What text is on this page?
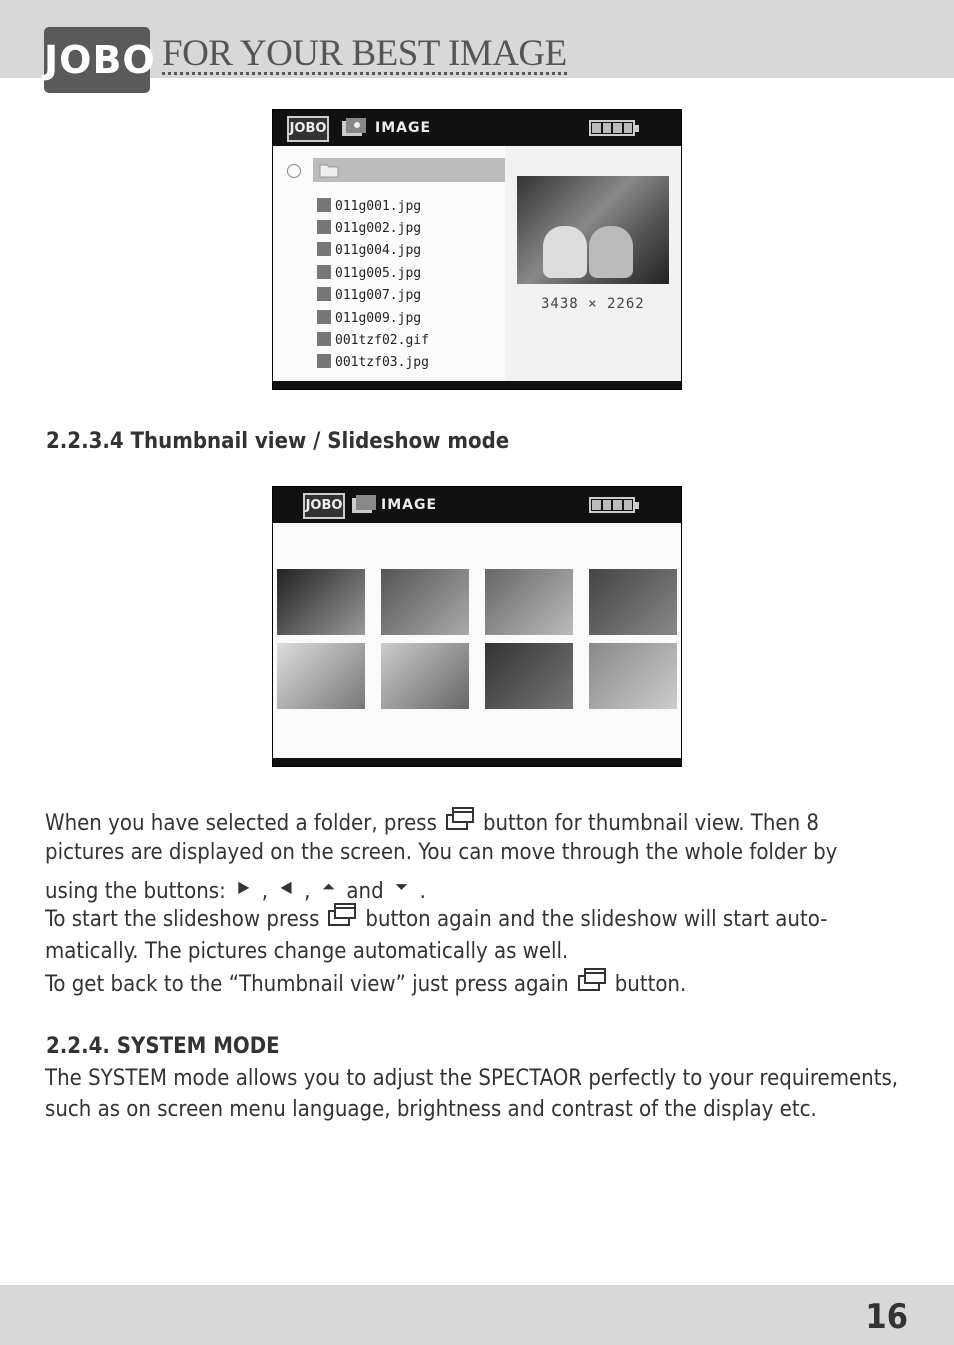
JOBO FOR YOUR BEST IMAGE
JOBO	IMAGE
011g001.jpg
011g002.jpg
011g004.jpg
011g005.jpg
011g007.jpg
011g009.jpg
001tzf02.gif
001tzf03.jpg
3438 × 2262
2.2.3.4 Thumbnail view / Slideshow mode
JOBO	IMAGE
When you have selected a folder, press button for thumbnail view. Then 8
pictures are displayed on the screen. You can move through the whole folder by
using the buttons: ▶ , ◀ , ⏶ and ⏷ .
To start the slideshow press button again and the slideshow will start auto-
matically. The pictures change automatically as well.
To get back to the “Thumbnail view” just press again button.
2.2.4. SYSTEM MODE
The SYSTEM mode allows you to adjust the SPECTAOR perfectly to your requirements,
such as on screen menu language, brightness and contrast of the display etc.
16
